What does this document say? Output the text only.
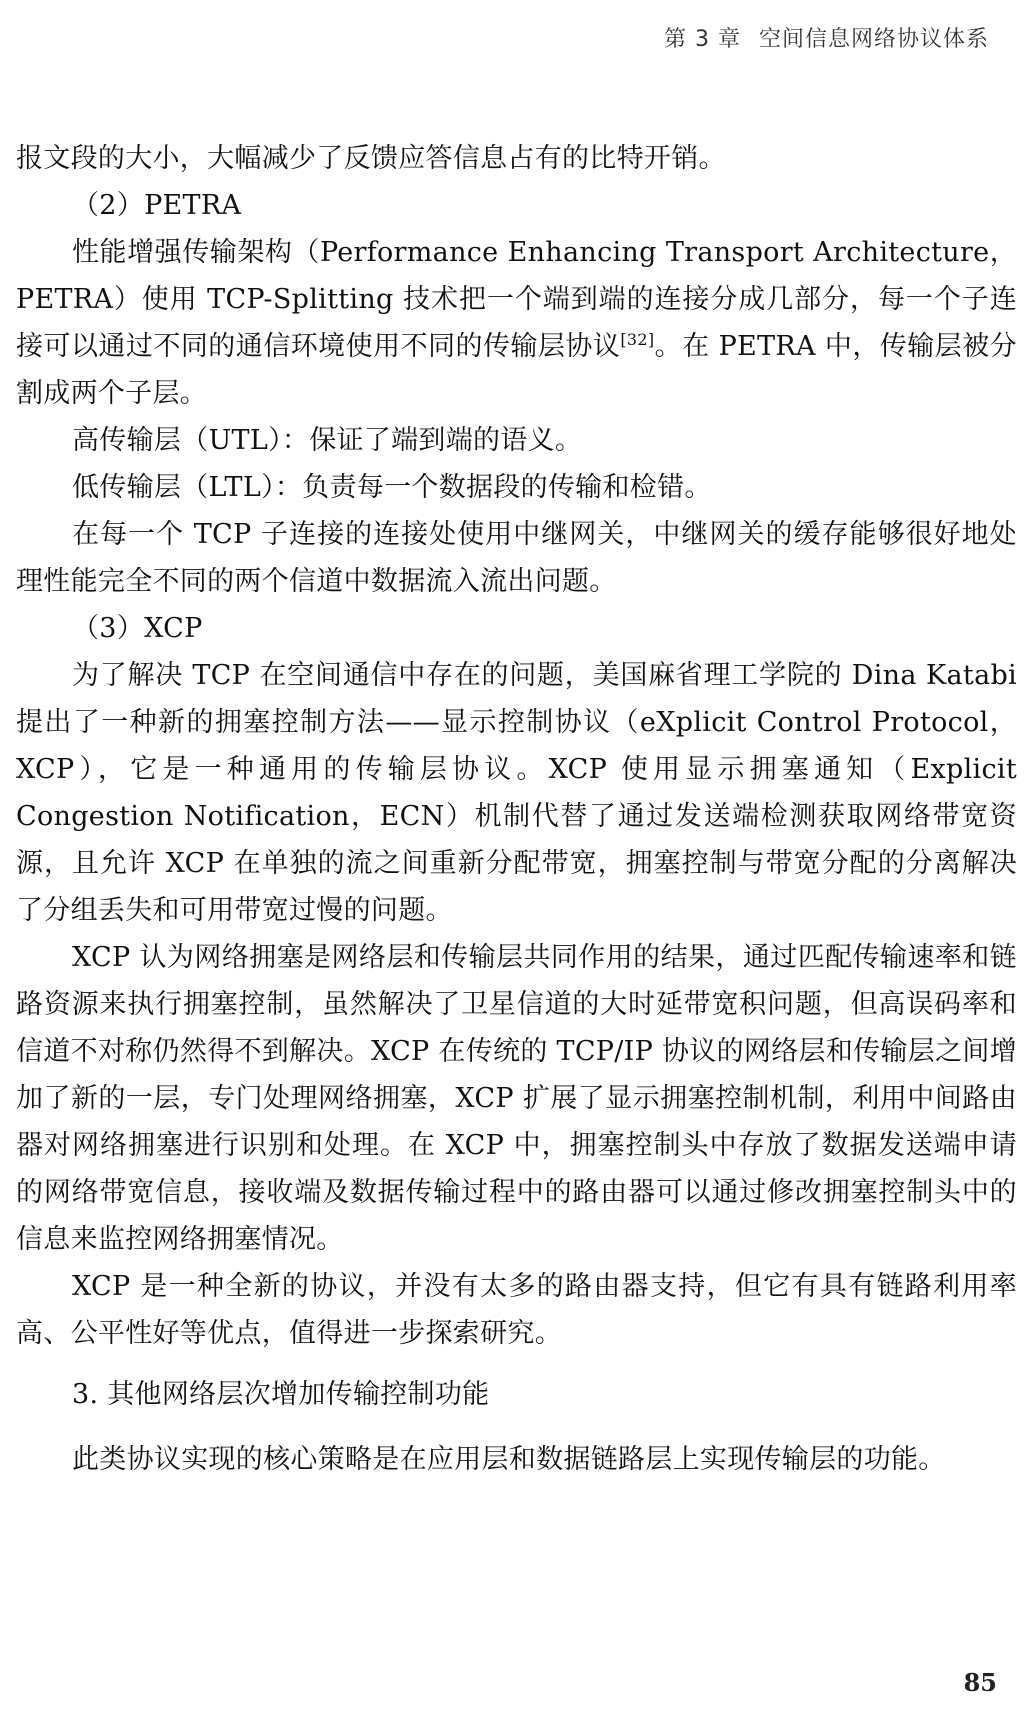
第 3 章 空间信息网络协议体系

报文段的大小，大幅减少了反馈应答信息占有的比特开销。

（2）PETRA

性能增强传输架构（Performance Enhancing Transport Architecture，PETRA）使用 TCP-Splitting 技术把一个端到端的连接分成几部分，每一个子连接可以通过不同的通信环境使用不同的传输层协议[32]。在 PETRA 中，传输层被分割成两个子层。

高传输层（UTL）：保证了端到端的语义。

低传输层（LTL）：负责每一个数据段的传输和检错。

在每一个 TCP 子连接的连接处使用中继网关，中继网关的缓存能够很好地处理性能完全不同的两个信道中数据流入流出问题。

（3）XCP

为了解决 TCP 在空间通信中存在的问题，美国麻省理工学院的 Dina Katabi 提出了一种新的拥塞控制方法——显示控制协议（eXplicit Control Protocol，XCP），它是一种通用的传输层协议。XCP 使用显示拥塞通知（Explicit Congestion Notification，ECN）机制代替了通过发送端检测获取网络带宽资源，且允许 XCP 在单独的流之间重新分配带宽，拥塞控制与带宽分配的分离解决了分组丢失和可用带宽过慢的问题。

XCP 认为网络拥塞是网络层和传输层共同作用的结果，通过匹配传输速率和链路资源来执行拥塞控制，虽然解决了卫星信道的大时延带宽积问题，但高误码率和信道不对称仍然得不到解决。XCP 在传统的 TCP/IP 协议的网络层和传输层之间增加了新的一层，专门处理网络拥塞，XCP 扩展了显示拥塞控制机制，利用中间路由器对网络拥塞进行识别和处理。在 XCP 中，拥塞控制头中存放了数据发送端申请的网络带宽信息，接收端及数据传输过程中的路由器可以通过修改拥塞控制头中的信息来监控网络拥塞情况。

XCP 是一种全新的协议，并没有太多的路由器支持，但它有具有链路利用率高、公平性好等优点，值得进一步探索研究。

3. 其他网络层次增加传输控制功能

此类协议实现的核心策略是在应用层和数据链路层上实现传输层的功能。

85
